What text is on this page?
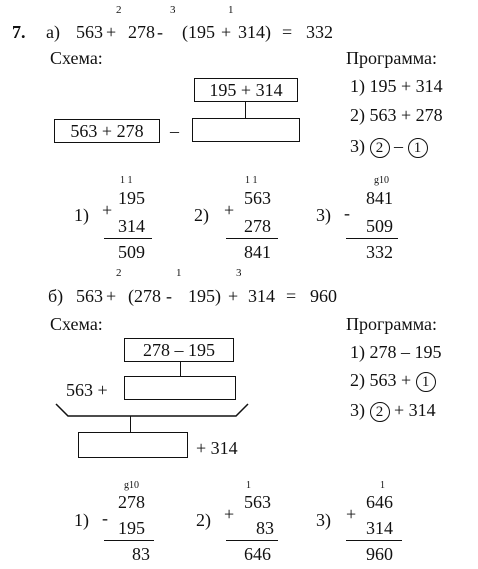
7. а) 563 +
2
278 -
3
(195 +
1
314) = 332
Схема:	Программа:
195 + 314
563 + 278 –
1) 195 + 314
2) 563 + 278
3) 2 – 1
1) +
1 1
195
314
509
2) +
1 1
563
278
841
3) -
g10
841
509
332
б) 563 +
2
(278 -
1
195) +
3
314 = 960
Схема:	Программа:
278 – 195
563 +
+ 314
1) 278 – 195
2) 563 + 1
3) 2 + 314
1) -
g10
278
195
83
2) +
1
563
83
646
3) +
1
646
314
960
